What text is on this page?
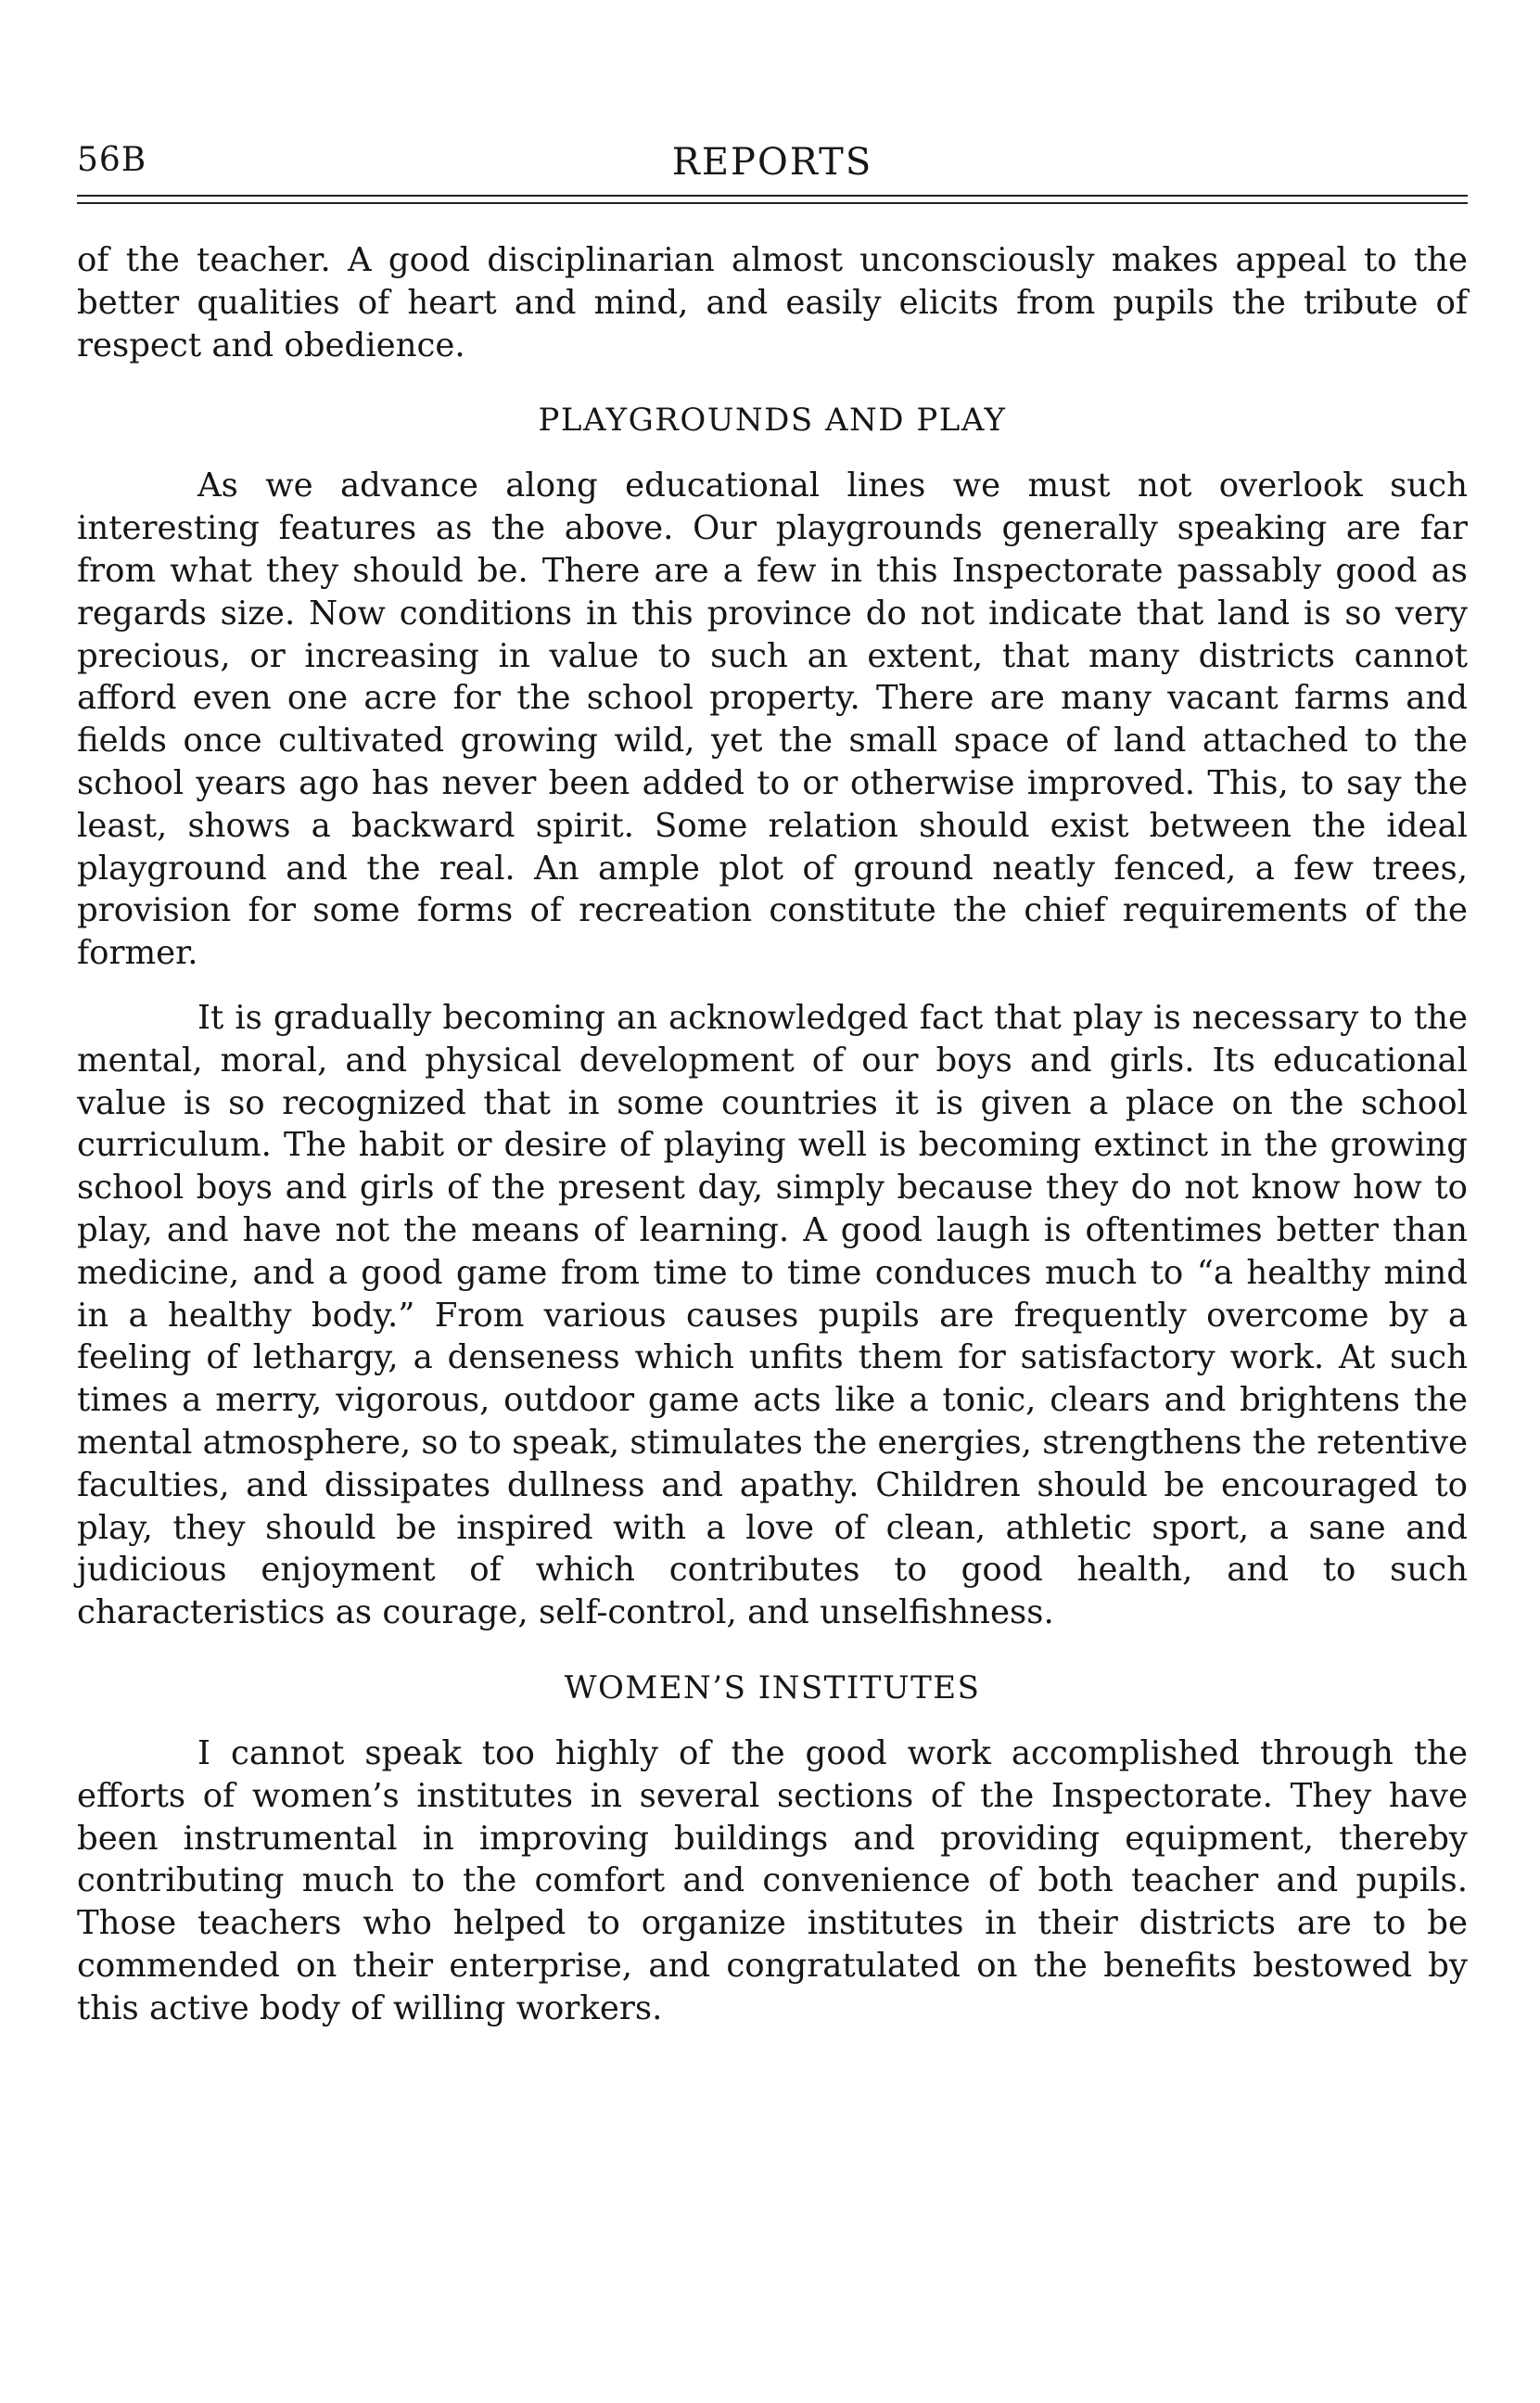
56B	REPORTS

of the teacher. A good disciplinarian almost unconsciously makes appeal to the better qualities of heart and mind, and easily elicits from pupils the tribute of respect and obedience.

PLAYGROUNDS AND PLAY

As we advance along educational lines we must not overlook such interesting features as the above. Our playgrounds generally speaking are far from what they should be. There are a few in this Inspectorate passably good as regards size. Now conditions in this province do not indicate that land is so very precious, or increasing in value to such an extent, that many districts cannot afford even one acre for the school property. There are many vacant farms and fields once cultivated growing wild, yet the small space of land attached to the school years ago has never been added to or otherwise improved. This, to say the least, shows a backward spirit. Some relation should exist between the ideal playground and the real. An ample plot of ground neatly fenced, a few trees, provision for some forms of recreation constitute the chief requirements of the former.

It is gradually becoming an acknowledged fact that play is necessary to the mental, moral, and physical development of our boys and girls. Its educational value is so recognized that in some countries it is given a place on the school curriculum. The habit or desire of playing well is becoming extinct in the growing school boys and girls of the present day, simply because they do not know how to play, and have not the means of learning. A good laugh is oftentimes better than medicine, and a good game from time to time conduces much to “a healthy mind in a healthy body.” From various causes pupils are frequently overcome by a feeling of lethargy, a denseness which unfits them for satisfactory work. At such times a merry, vigorous, outdoor game acts like a tonic, clears and brightens the mental atmosphere, so to speak, stimulates the energies, strengthens the retentive faculties, and dissipates dullness and apathy. Children should be encouraged to play, they should be inspired with a love of clean, athletic sport, a sane and judicious enjoyment of which contributes to good health, and to such characteristics as courage, self-control, and unselfishness.

WOMEN’S INSTITUTES

I cannot speak too highly of the good work accomplished through the efforts of women’s institutes in several sections of the Inspectorate. They have been instrumental in improving buildings and providing equipment, thereby contributing much to the comfort and convenience of both teacher and pupils. Those teachers who helped to organize institutes in their districts are to be commended on their enterprise, and congratulated on the benefits bestowed by this active body of willing workers.
